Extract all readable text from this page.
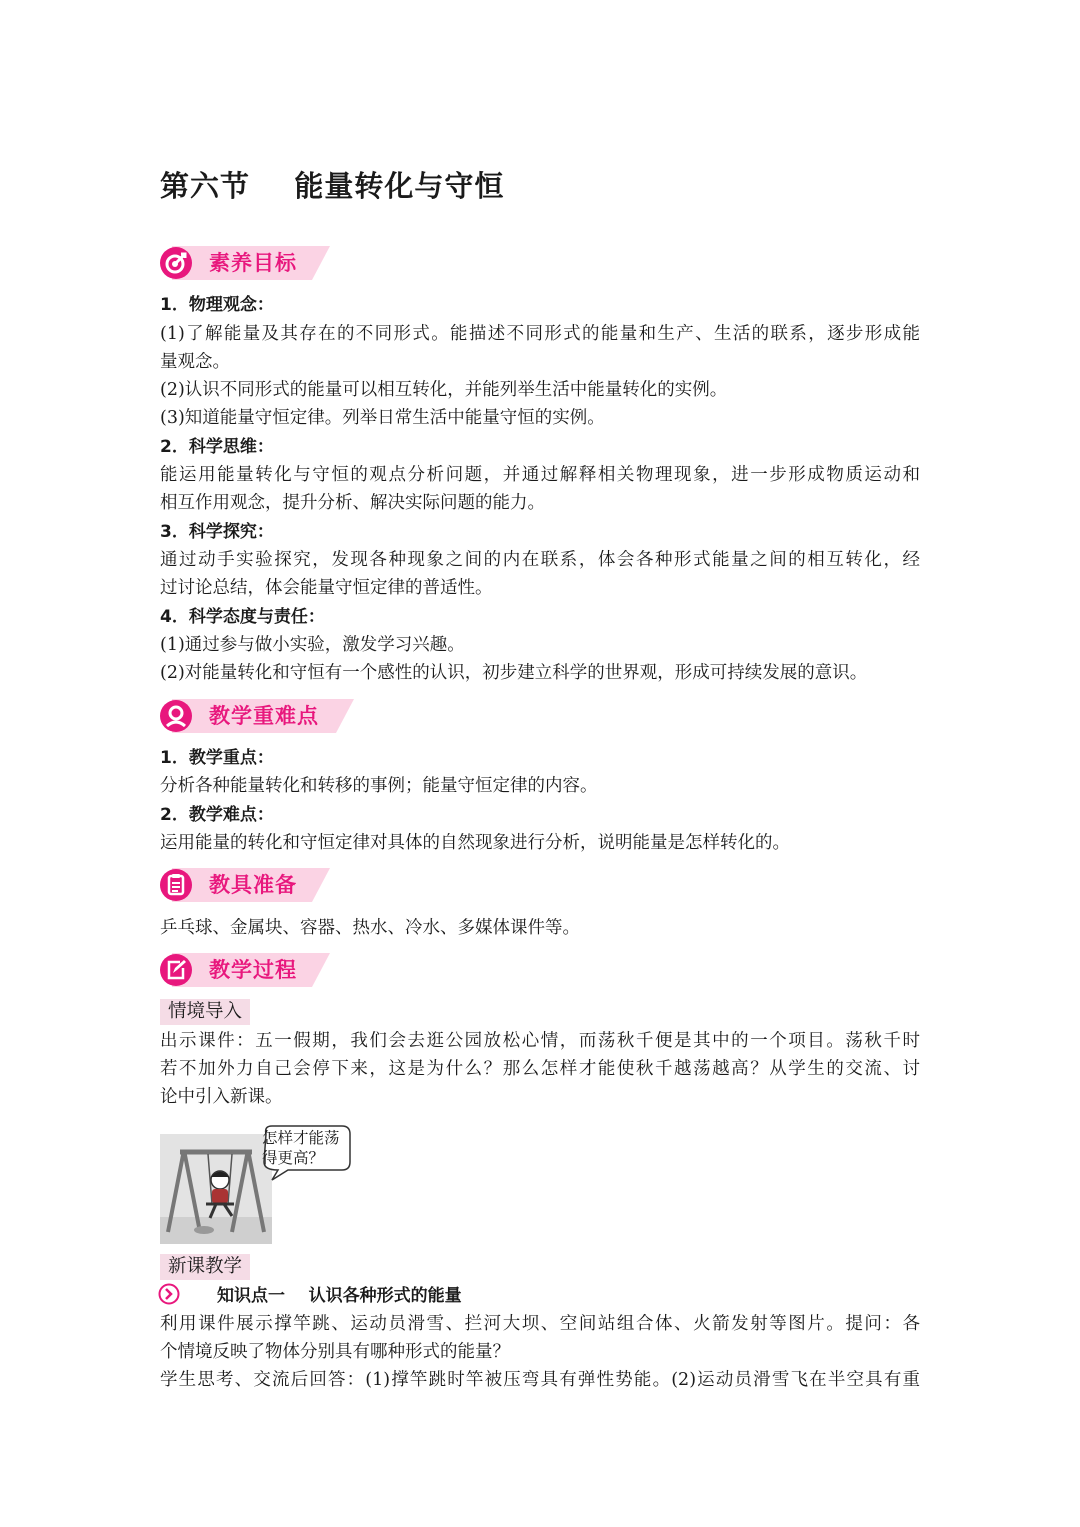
第六节    能量转化与守恒
素养目标
1．物理观念：
(1)了解能量及其存在的不同形式。能描述不同形式的能量和生产、生活的联系，逐步形成能
量观念。
(2)认识不同形式的能量可以相互转化，并能列举生活中能量转化的实例。
(3)知道能量守恒定律。列举日常生活中能量守恒的实例。
2．科学思维：
能运用能量转化与守恒的观点分析问题，并通过解释相关物理现象，进一步形成物质运动和
相互作用观念，提升分析、解决实际问题的能力。
3．科学探究：
通过动手实验探究，发现各种现象之间的内在联系，体会各种形式能量之间的相互转化，经
过讨论总结，体会能量守恒定律的普适性。
4．科学态度与责任：
(1)通过参与做小实验，激发学习兴趣。
(2)对能量转化和守恒有一个感性的认识，初步建立科学的世界观，形成可持续发展的意识。
教学重难点
1．教学重点：
分析各种能量转化和转移的事例；能量守恒定律的内容。
2．教学难点：
运用能量的转化和守恒定律对具体的自然现象进行分析，说明能量是怎样转化的。
教具准备
乒乓球、金属块、容器、热水、冷水、多媒体课件等。
教学过程
情境导入
出示课件：五一假期，我们会去逛公园放松心情，而荡秋千便是其中的一个项目。荡秋千时
若不加外力自己会停下来，这是为什么？那么怎样才能使秋千越荡越高？从学生的交流、讨
论中引入新课。
怎样才能荡
得更高？
新课教学
知识点一    认识各种形式的能量
利用课件展示撑竿跳、运动员滑雪、拦河大坝、空间站组合体、火箭发射等图片。提问：各
个情境反映了物体分别具有哪种形式的能量？
学生思考、交流后回答：(1)撑竿跳时竿被压弯具有弹性势能。(2)运动员滑雪飞在半空具有重
